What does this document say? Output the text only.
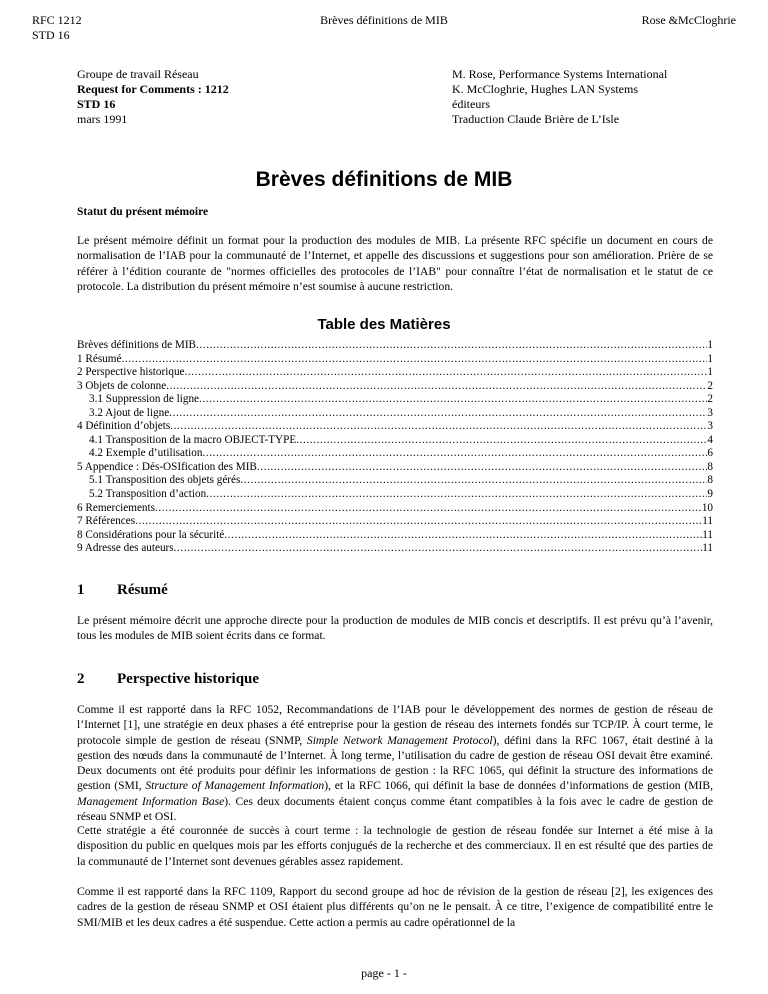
RFC 1212
STD 16
Brèves définitions de MIB	Rose &McCloghrie
Groupe de travail Réseau
Request for Comments : 1212
STD 16
mars 1991
M. Rose, Performance Systems International
K. McCloghrie, Hughes LAN Systems
éditeurs
Traduction Claude Brière de L’Isle
Brèves définitions de MIB
Statut du présent mémoire
Le présent mémoire définit un format pour la production des modules de MIB. La présente RFC spécifie un document en cours de normalisation de l’IAB pour la communauté de l’Internet, et appelle des discussions et suggestions pour son amélioration. Prière de se référer à l’édition courante de "normes officielles des protocoles de l’IAB" pour connaître l’état de normalisation et le statut de ce protocole. La distribution du présent mémoire n’est soumise à aucune restriction.
Table des Matières
Brèves définitions de MIB .....	1
1 Résumé .....	1
2 Perspective historique .....	1
3 Objets de colonne .....	2
3.1 Suppression de ligne .....	2
3.2 Ajout de ligne .....	3
4 Définition d’objets .....	3
4.1 Transposition de la macro OBJECT-TYPE .....	4
4.2 Exemple d’utilisation .....	6
5 Appendice : Dés-OSIfication des MIB .....	8
5.1 Transposition des objets gérés .....	8
5.2 Transposition d’action .....	9
6 Remerciements .....	10
7 Références .....	11
8 Considérations pour la sécurité .....	11
9 Adresse des auteurs .....	11
1 Résumé
Le présent mémoire décrit une approche directe pour la production de modules de MIB concis et descriptifs. Il est prévu qu’à l’avenir, tous les modules de MIB soient écrits dans ce format.
2 Perspective historique
Comme il est rapporté dans la RFC 1052, Recommandations de l’IAB pour le développement des normes de gestion de réseau de l’Internet [1], une stratégie en deux phases a été entreprise pour la gestion de réseau des internets fondés sur TCP/IP. À court terme, le protocole simple de gestion de réseau (SNMP, Simple Network Management Protocol), défini dans la RFC 1067, était destiné à la gestion des nœuds dans la communauté de l’Internet. À long terme, l’utilisation du cadre de gestion de réseau OSI devait être examiné. Deux documents ont été produits pour définir les informations de gestion : la RFC 1065, qui définit la structure des informations de gestion (SMI, Structure of Management Information), et la RFC 1066, qui définit la base de données d’informations de gestion (MIB, Management Information Base). Ces deux documents étaient conçus comme étant compatibles à la fois avec le cadre de gestion de réseau SNMP et OSI.
Cette stratégie a été couronnée de succès à court terme : la technologie de gestion de réseau fondée sur Internet a été mise à la disposition du public en quelques mois par les efforts conjugués de la recherche et des commerciaux. Il en est résulté que des parties de la communauté de l’Internet sont devenues gérables assez rapidement.
Comme il est rapporté dans la RFC 1109, Rapport du second groupe ad hoc de révision de la gestion de réseau [2], les exigences des cadres de la gestion de réseau SNMP et OSI étaient plus différents qu’on ne le pensait. À ce titre, l’exigence de compatibilité entre le SMI/MIB et les deux cadres a été suspendue. Cette action a permis au cadre opérationnel de la
page - 1 -
